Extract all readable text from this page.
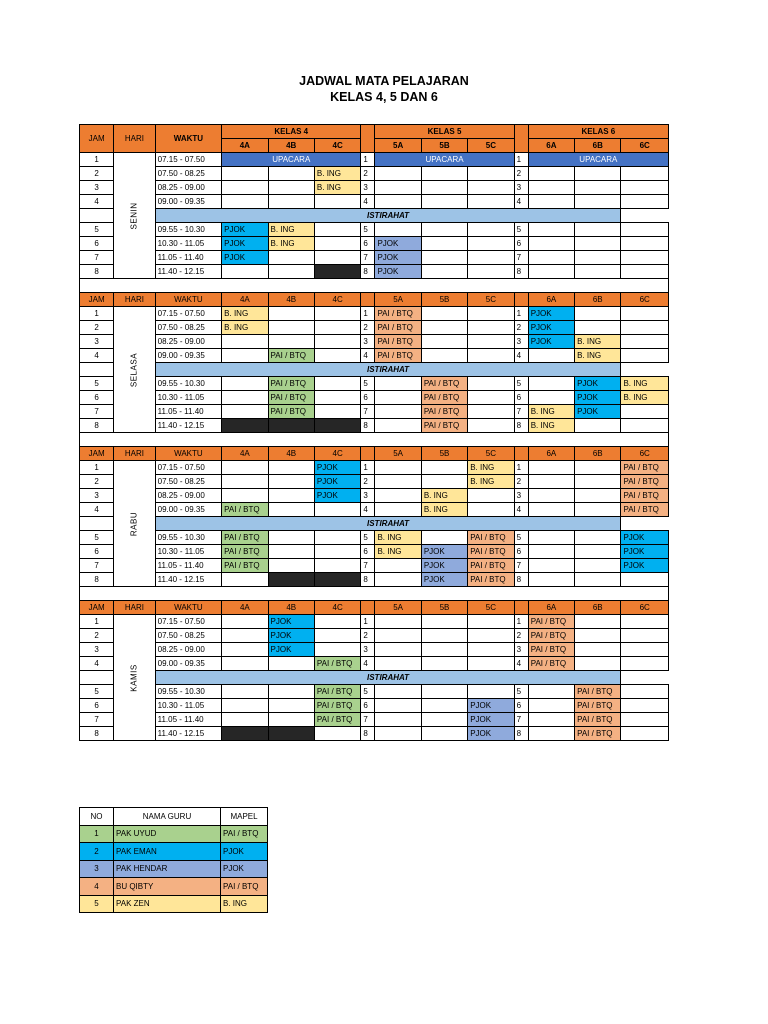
JADWAL MATA PELAJARAN
KELAS 4, 5 DAN 6
JAM	HARI	WAKTU	KELAS 4				KELAS 5				KELAS 6		
			4A	4B	4C		5A	5B	5C		6A	6B	6C
1	SENIN	07.15 - 07.50	UPACARA			1	UPACARA			1	UPACARA		
2		07.50 - 08.25			B. ING	2				2			
3		08.25 - 09.00			B. ING	3				3			
4		09.00 - 09.35				4				4			
		ISTIRAHAT											
5		09.55 - 10.30	PJOK	B. ING		5				5			
6		10.30 - 11.05	PJOK	B. ING		6	PJOK			6			
7		11.05 - 11.40	PJOK			7	PJOK			7			
8		11.40 - 12.15				8	PJOK			8			

JAM	HARI	WAKTU	4A	4B	4C		5A	5B	5C		6A	6B	6C
1	SELASA	07.15 - 07.50	B. ING			1	PAI / BTQ			1	PJOK		
2		07.50 - 08.25	B. ING			2	PAI / BTQ			2	PJOK		
3		08.25 - 09.00				3	PAI / BTQ			3	PJOK	B. ING	
4		09.00 - 09.35		PAI / BTQ		4	PAI / BTQ			4		B. ING	
		ISTIRAHAT											
5		09.55 - 10.30		PAI / BTQ		5		PAI / BTQ		5		PJOK	B. ING
6		10.30 - 11.05		PAI / BTQ		6		PAI / BTQ		6		PJOK	B. ING
7		11.05 - 11.40		PAI / BTQ		7		PAI / BTQ		7	B. ING	PJOK	
8		11.40 - 12.15				8		PAI / BTQ		8	B. ING		

JAM	HARI	WAKTU	4A	4B	4C		5A	5B	5C		6A	6B	6C
1	RABU	07.15 - 07.50			PJOK	1			B. ING	1			PAI / BTQ
2		07.50 - 08.25			PJOK	2			B. ING	2			PAI / BTQ
3		08.25 - 09.00			PJOK	3		B. ING		3			PAI / BTQ
4		09.00 - 09.35	PAI / BTQ			4		B. ING		4			PAI / BTQ
		ISTIRAHAT											
5		09.55 - 10.30	PAI / BTQ			5	B. ING		PAI / BTQ	5			PJOK
6		10.30 - 11.05	PAI / BTQ			6	B. ING	PJOK	PAI / BTQ	6			PJOK
7		11.05 - 11.40	PAI / BTQ			7		PJOK	PAI / BTQ	7			PJOK
8		11.40 - 12.15				8		PJOK	PAI / BTQ	8			

JAM	HARI	WAKTU	4A	4B	4C		5A	5B	5C		6A	6B	6C
1	KAMIS	07.15 - 07.50		PJOK		1				1	PAI / BTQ		
2		07.50 - 08.25		PJOK		2				2	PAI / BTQ		
3		08.25 - 09.00		PJOK		3				3	PAI / BTQ		
4		09.00 - 09.35			PAI / BTQ	4				4	PAI / BTQ		
		ISTIRAHAT											
5		09.55 - 10.30			PAI / BTQ	5				5		PAI / BTQ	
6		10.30 - 11.05			PAI / BTQ	6			PJOK	6		PAI / BTQ	
7		11.05 - 11.40			PAI / BTQ	7			PJOK	7		PAI / BTQ	
8		11.40 - 12.15				8			PJOK	8		PAI / BTQ	
NO	NAMA GURU	MAPEL
1	PAK UYUD	PAI / BTQ
2	PAK EMAN	PJOK
3	PAK HENDAR	PJOK
4	BU QIBTY	PAI / BTQ
5	PAK ZEN	B. ING
